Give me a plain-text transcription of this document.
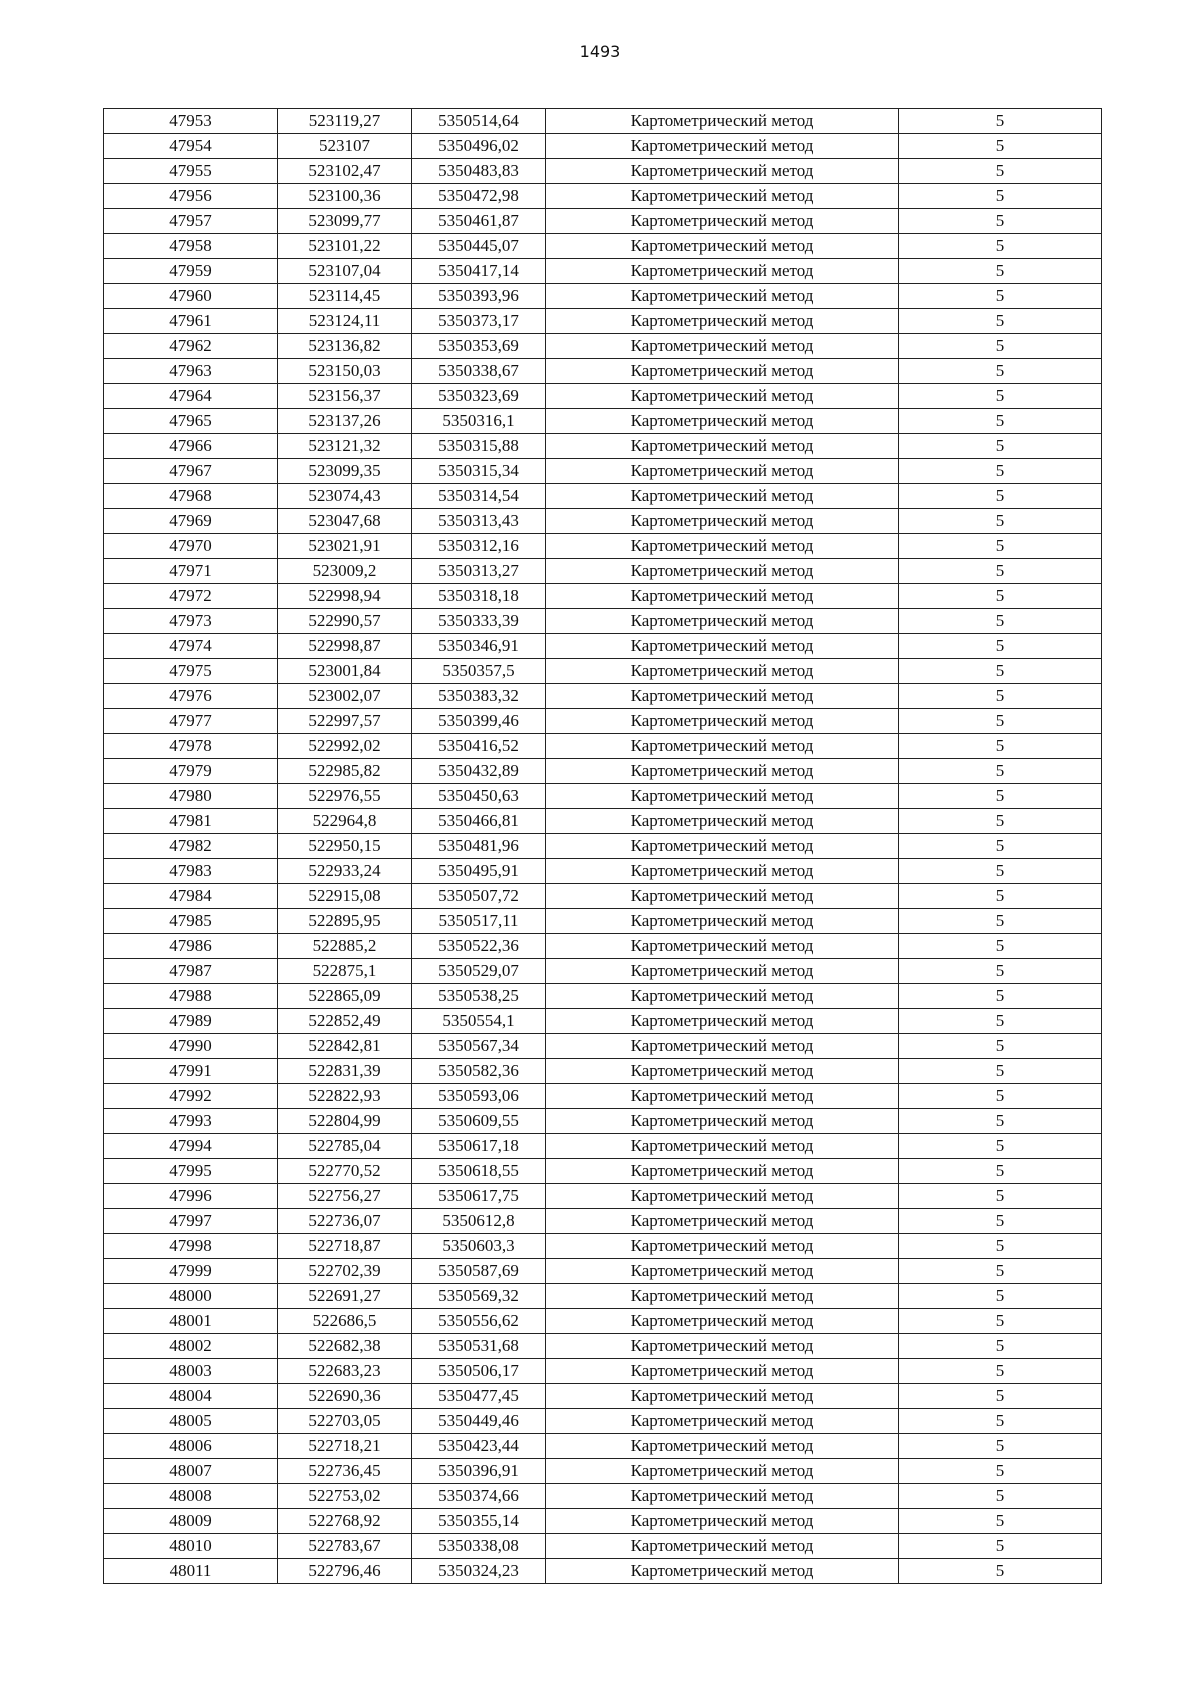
1493
47953	523119,27	5350514,64	Картометрический метод	5
47954	523107	5350496,02	Картометрический метод	5
47955	523102,47	5350483,83	Картометрический метод	5
47956	523100,36	5350472,98	Картометрический метод	5
47957	523099,77	5350461,87	Картометрический метод	5
47958	523101,22	5350445,07	Картометрический метод	5
47959	523107,04	5350417,14	Картометрический метод	5
47960	523114,45	5350393,96	Картометрический метод	5
47961	523124,11	5350373,17	Картометрический метод	5
47962	523136,82	5350353,69	Картометрический метод	5
47963	523150,03	5350338,67	Картометрический метод	5
47964	523156,37	5350323,69	Картометрический метод	5
47965	523137,26	5350316,1	Картометрический метод	5
47966	523121,32	5350315,88	Картометрический метод	5
47967	523099,35	5350315,34	Картометрический метод	5
47968	523074,43	5350314,54	Картометрический метод	5
47969	523047,68	5350313,43	Картометрический метод	5
47970	523021,91	5350312,16	Картометрический метод	5
47971	523009,2	5350313,27	Картометрический метод	5
47972	522998,94	5350318,18	Картометрический метод	5
47973	522990,57	5350333,39	Картометрический метод	5
47974	522998,87	5350346,91	Картометрический метод	5
47975	523001,84	5350357,5	Картометрический метод	5
47976	523002,07	5350383,32	Картометрический метод	5
47977	522997,57	5350399,46	Картометрический метод	5
47978	522992,02	5350416,52	Картометрический метод	5
47979	522985,82	5350432,89	Картометрический метод	5
47980	522976,55	5350450,63	Картометрический метод	5
47981	522964,8	5350466,81	Картометрический метод	5
47982	522950,15	5350481,96	Картометрический метод	5
47983	522933,24	5350495,91	Картометрический метод	5
47984	522915,08	5350507,72	Картометрический метод	5
47985	522895,95	5350517,11	Картометрический метод	5
47986	522885,2	5350522,36	Картометрический метод	5
47987	522875,1	5350529,07	Картометрический метод	5
47988	522865,09	5350538,25	Картометрический метод	5
47989	522852,49	5350554,1	Картометрический метод	5
47990	522842,81	5350567,34	Картометрический метод	5
47991	522831,39	5350582,36	Картометрический метод	5
47992	522822,93	5350593,06	Картометрический метод	5
47993	522804,99	5350609,55	Картометрический метод	5
47994	522785,04	5350617,18	Картометрический метод	5
47995	522770,52	5350618,55	Картометрический метод	5
47996	522756,27	5350617,75	Картометрический метод	5
47997	522736,07	5350612,8	Картометрический метод	5
47998	522718,87	5350603,3	Картометрический метод	5
47999	522702,39	5350587,69	Картометрический метод	5
48000	522691,27	5350569,32	Картометрический метод	5
48001	522686,5	5350556,62	Картометрический метод	5
48002	522682,38	5350531,68	Картометрический метод	5
48003	522683,23	5350506,17	Картометрический метод	5
48004	522690,36	5350477,45	Картометрический метод	5
48005	522703,05	5350449,46	Картометрический метод	5
48006	522718,21	5350423,44	Картометрический метод	5
48007	522736,45	5350396,91	Картометрический метод	5
48008	522753,02	5350374,66	Картометрический метод	5
48009	522768,92	5350355,14	Картометрический метод	5
48010	522783,67	5350338,08	Картометрический метод	5
48011	522796,46	5350324,23	Картометрический метод	5
